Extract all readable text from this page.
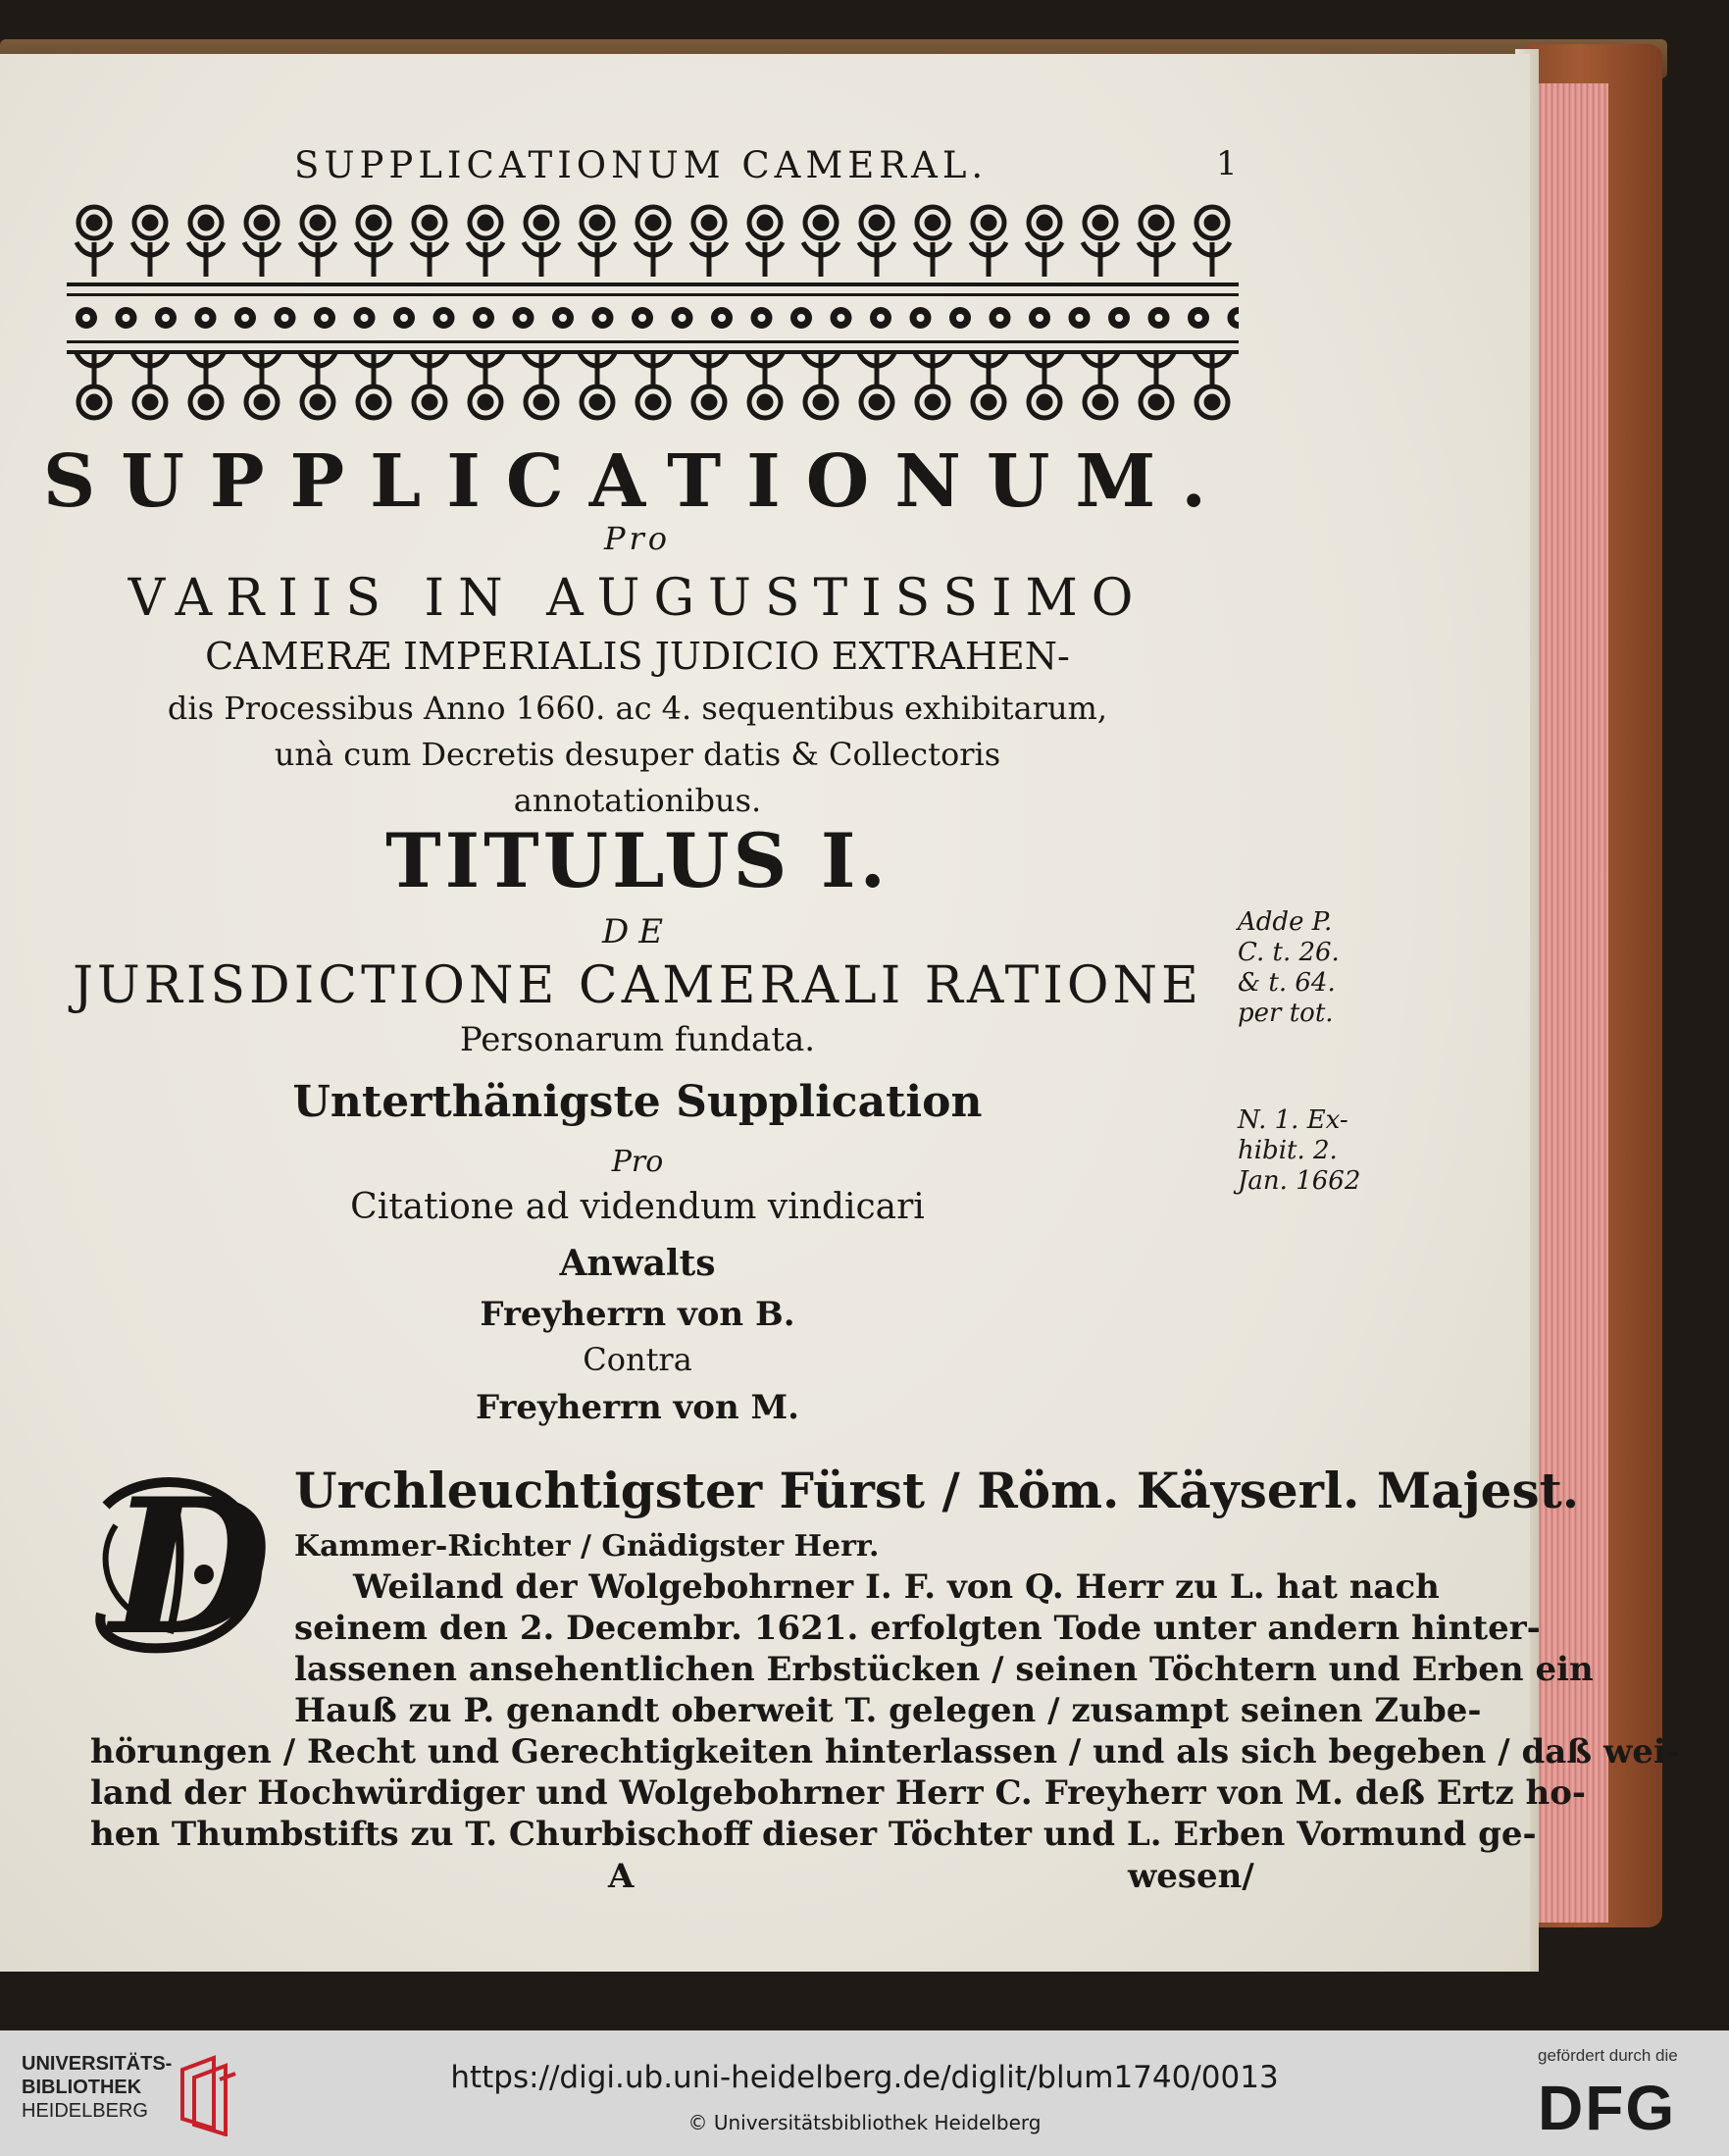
SUPPLICATIONUM CAMERAL.	1
SUPPLICATIONUM.
Pro
VARIIS IN AUGUSTISSIMO
CAMERÆ IMPERIALIS JUDICIO EXTRAHEN-
dis Processibus Anno 1660. ac 4. sequentibus exhibitarum,
unà cum Decretis desuper datis & Collectoris
annotationibus.
TITULUS I.
DE
JURISDICTIONE CAMERALI RATIONE
Personarum fundata.
Unterthänigste Supplication
Pro
Citatione ad videndum vindicari
Anwalts
Freyherrn von B.
Contra
Freyherrn von M.
Adde P.
C. t. 26.
& t. 64.
per tot.
N. 1. Ex-
hibit. 2.
Jan. 1662
D Urchleuchtigster Fürst / Röm. Käyserl. Majest.
Kammer-Richter / Gnädigster Herr.
Weiland der Wolgebohrner I. F. von Q. Herr zu L. hat nach
seinem den 2. Decembr. 1621. erfolgten Tode unter andern hinter-
lassenen ansehentlichen Erbstücken / seinen Töchtern und Erben ein
Hauß zu P. genandt oberweit T. gelegen / zusampt seinen Zube-
hörungen / Recht und Gerechtigkeiten hinterlassen / und als sich begeben / daß wei-
land der Hochwürdiger und Wolgebohrner Herr C. Freyherr von M. deß Ertz ho-
hen Thumbstifts zu T. Churbischoff dieser Töchter und L. Erben Vormund ge-
A	wesen/
UNIVERSITÄTS-
BIBLIOTHEK
HEIDELBERG
https://digi.ub.uni-heidelberg.de/diglit/blum1740/0013
© Universitätsbibliothek Heidelberg
gefördert durch die
DFG
